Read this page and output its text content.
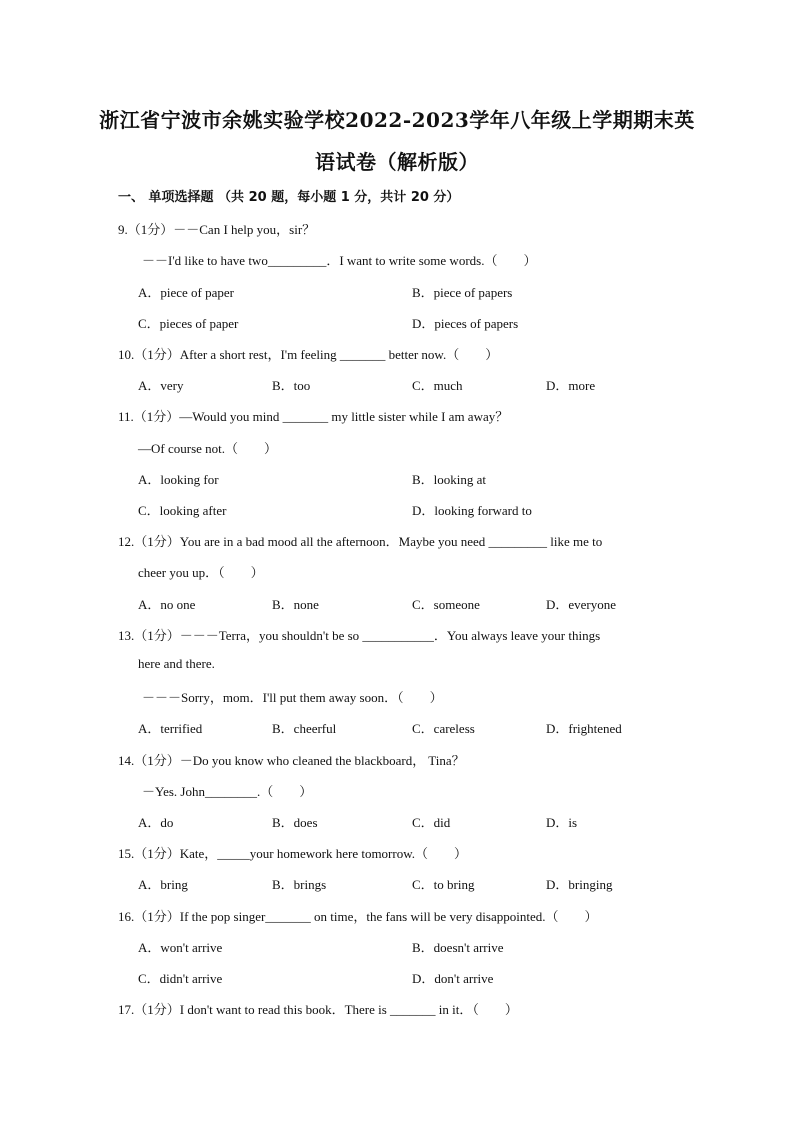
浙江省宁波市余姚实验学校2022-2023学年八年级上学期期末英
语试卷（解析版）
一、 单项选择题 （共 20 题，每小题 1 分，共计 20 分）
9.（1分）－－Can I help you，sir？
－－I'd like to have two_________．I want to write some words.（　　）
A．piece of paper	B．piece of papers
C．pieces of paper	D．pieces of papers
10.（1分）After a short rest，I'm feeling _______ better now.（　　）
A．very	B．too	C．much	D．more
11.（1分）—Would you mind _______ my little sister while I am away？
—Of course not.（　　）
A．looking for	B．looking at
C．looking after	D．looking forward to
12.（1分）You are in a bad mood all the afternoon．Maybe you need _________ like me to
cheer you up．（　　）
A．no one	B．none	C．someone	D．everyone
13.（1分）－－－Terra，you shouldn't be so ___________．You always leave your things
here and there.
－－－Sorry，mom．I'll put them away soon．（　　）
A．terrified	B．cheerful	C．careless	D．frightened
14.（1分）－Do you know who cleaned the blackboard， Tina？
－Yes. John________.（　　）
A．do	B．does	C．did	D．is
15.（1分）Kate，_____your homework here tomorrow.（　　）
A．bring	B．brings	C．to bring	D．bringing
16.（1分）If the pop singer_______ on time，the fans will be very disappointed.（　　）
A．won't arrive	B．doesn't arrive
C．didn't arrive	D．don't arrive
17.（1分）I don't want to read this book．There is _______ in it．（　　）
